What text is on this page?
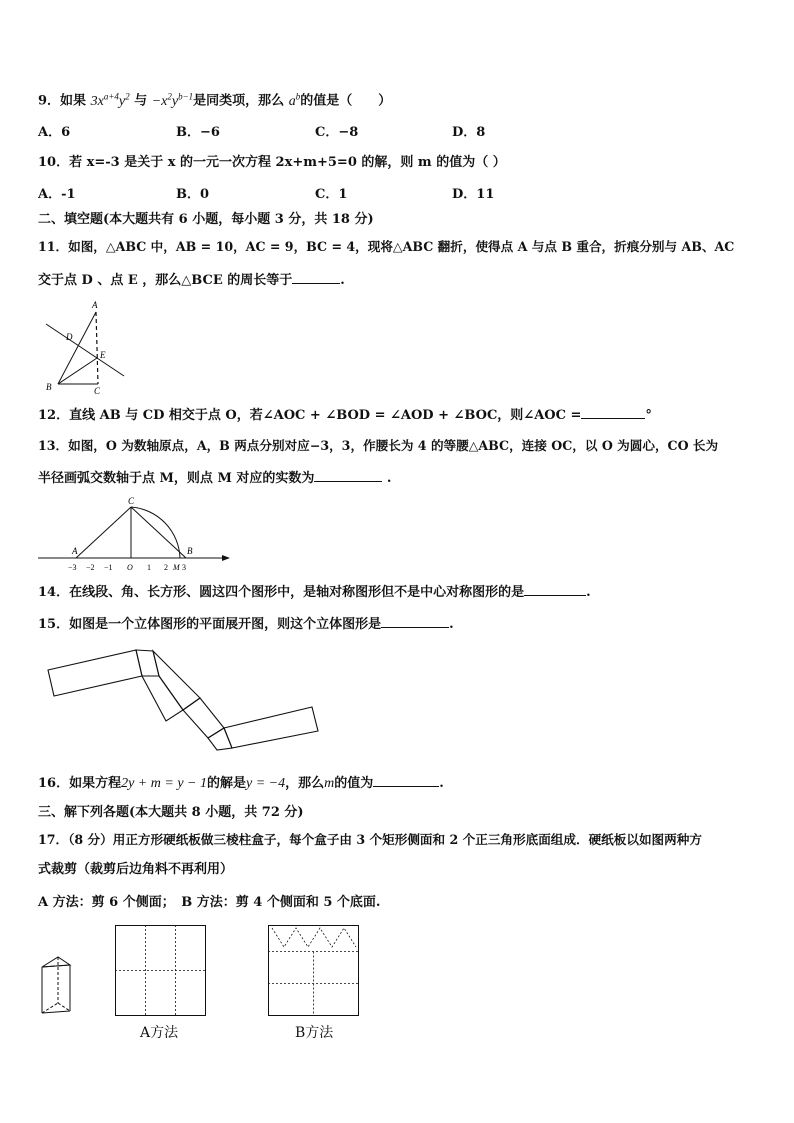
9．如果 $3x^{a+4}y^2$ 与 $-x^2y^{b-1}$是同类项，那么 $a^b$的值是（　　）
A．6	B．−6	C．−8	D．8
10．若 x=-3 是关于 x 的一元一次方程 2x+m+5=0 的解，则 m 的值为（ ）
A．-1	B．0	C．1	D．11
二、填空题(本大题共有 6 小题，每小题 3 分，共 18 分)
11．如图，△ABC 中，AB = 10，AC = 9，BC = 4，现将△ABC 翻折，使得点 A 与点 B 重合，折痕分别与 AB、AC
交于点 D 、点 E ，那么△BCE 的周长等于	.
A
D
E
B	C
12．直线 AB 与 CD 相交于点 O，若∠AOC + ∠BOD = ∠AOD + ∠BOC，则∠AOC =	°
13．如图，O 为数轴原点，A，B 两点分别对应−3，3，作腰长为 4 的等腰△ABC，连接 OC，以 O 为圆心，CO 长为
半径画弧交数轴于点 M，则点 M 对应的实数为	.
C
A	B
−3 −2 −1 O 1 2 M 3
14．在线段、角、长方形、圆这四个图形中，是轴对称图形但不是中心对称图形的是	.
15．如图是一个立体图形的平面展开图，则这个立体图形是	.
16．如果方程2y + m = y − 1的解是y = −4，那么m的值为	.
三、解下列各题(本大题共 8 小题，共 72 分)
17．（8 分）用正方形硬纸板做三棱柱盒子，每个盒子由 3 个矩形侧面和 2 个正三角形底面组成．硬纸板以如图两种方
式裁剪（裁剪后边角料不再利用）
A 方法：剪 6 个侧面；　B 方法：剪 4 个侧面和 5 个底面.
A方法	B方法
